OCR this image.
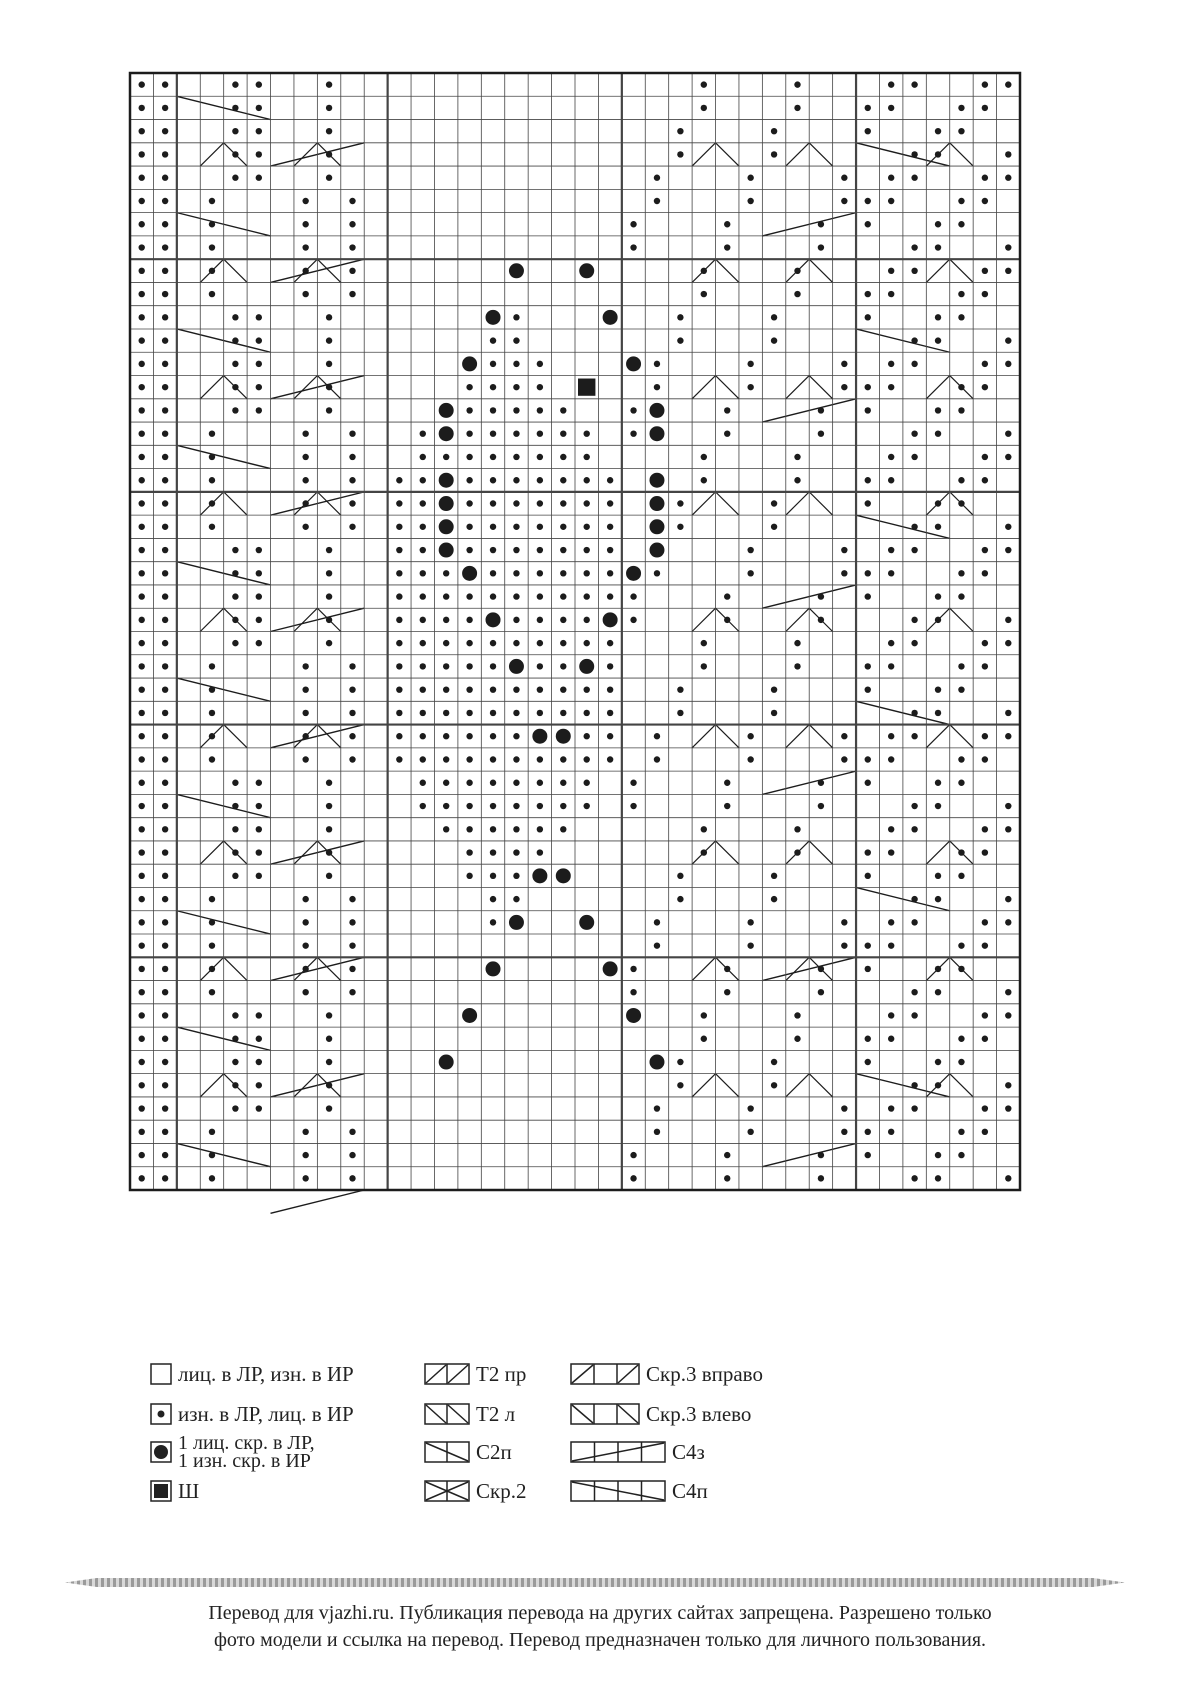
лиц. в ЛР, изн. в ИР
изн. в ЛР, лиц. в ИР
1 лиц. скр. в ЛР,
1 изн. скр. в ИР
Ш
Т2 пр
Т2 л
С2п
Скр.2
Скр.3 вправо
Скр.3 влево
С4з
С4п
Перевод для vjazhi.ru. Публикация перевода на других сайтах запрещена. Разрешено только
фото модели и ссылка на перевод. Перевод предназначен только для личного пользования.
